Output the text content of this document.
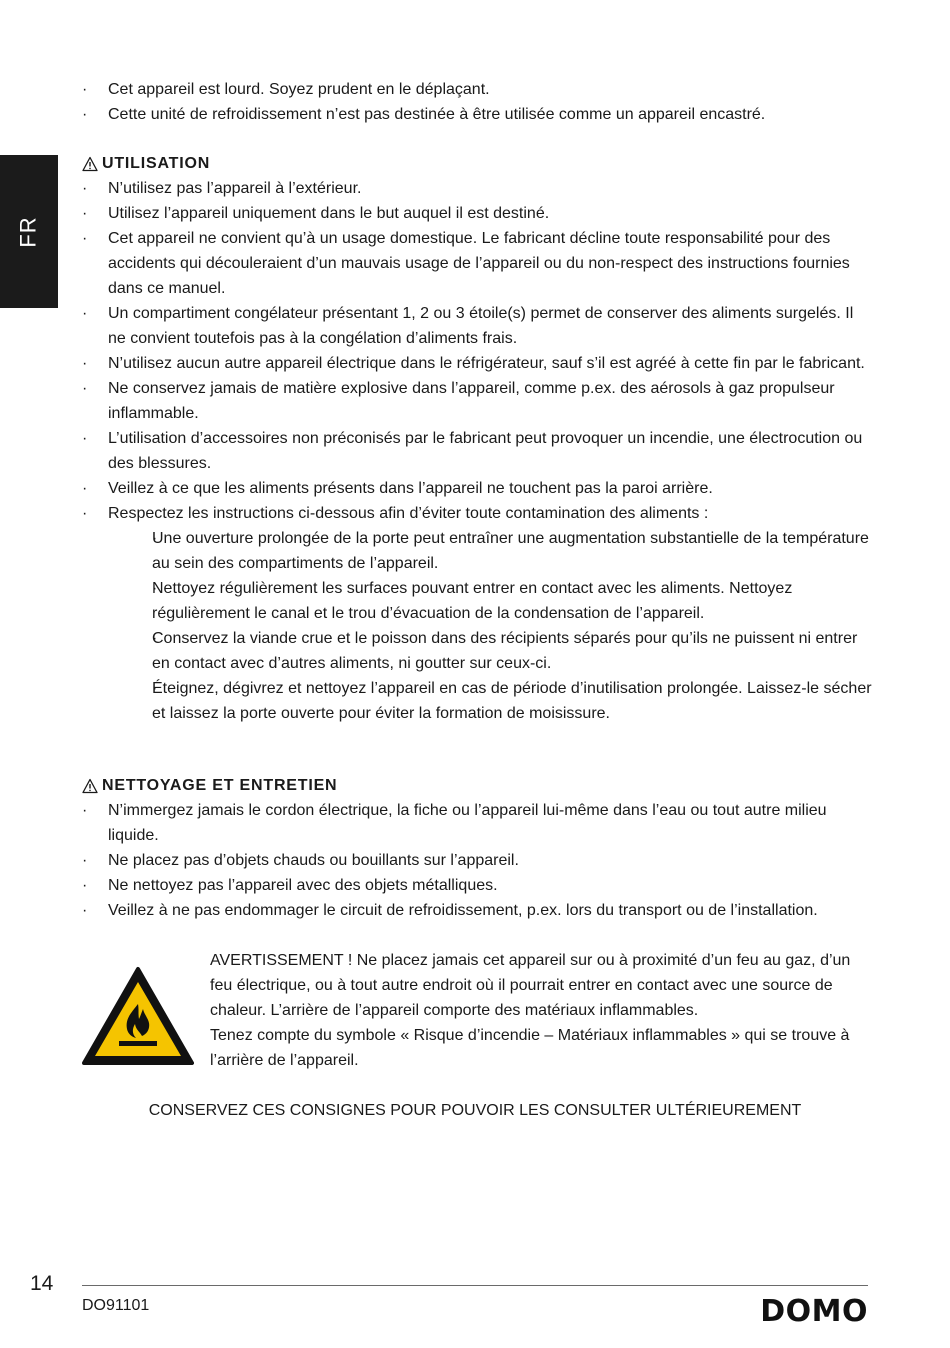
FR
· Cet appareil est lourd. Soyez prudent en le déplaçant.
· Cette unité de refroidissement n’est pas destinée à être utilisée comme un appareil encastré.
UTILISATION
· N’utilisez pas l’appareil à l’extérieur.
· Utilisez l’appareil uniquement dans le but auquel il est destiné.
· Cet appareil ne convient qu’à un usage domestique. Le fabricant décline toute responsabilité pour des accidents qui découleraient d’un mauvais usage de l’appareil ou du non-respect des instructions fournies dans ce manuel.
· Un compartiment congélateur présentant 1, 2 ou 3 étoile(s) permet de conserver des aliments surgelés. Il ne convient toutefois pas à la congélation d’aliments frais.
· N’utilisez aucun autre appareil électrique dans le réfrigérateur, sauf s’il est agréé à cette fin par le fabricant.
· Ne conservez jamais de matière explosive dans l’appareil, comme p.ex. des aérosols à gaz propulseur inflammable.
· L’utilisation d’accessoires non préconisés par le fabricant peut provoquer un incendie, une électrocution ou des blessures.
· Veillez à ce que les aliments présents dans l’appareil ne touchent pas la paroi arrière.
· Respectez les instructions ci-dessous afin d’éviter toute contamination des aliments :
· Une ouverture prolongée de la porte peut entraîner une augmentation substantielle de la température au sein des compartiments de l’appareil.
· Nettoyez régulièrement les surfaces pouvant entrer en contact avec les aliments. Nettoyez régulièrement le canal et le trou d’évacuation de la condensation de l’appareil.
· Conservez la viande crue et le poisson dans des récipients séparés pour qu’ils ne puissent ni entrer en contact avec d’autres aliments, ni goutter sur ceux-ci.
· Éteignez, dégivrez et nettoyez l’appareil en cas de période d’inutilisation prolongée. Laissez-le sécher et laissez la porte ouverte pour éviter la formation de moisissure.
NETTOYAGE ET ENTRETIEN
· N’immergez jamais le cordon électrique, la fiche ou l’appareil lui-même dans l’eau ou tout autre milieu liquide.
· Ne placez pas d’objets chauds ou bouillants sur l’appareil.
· Ne nettoyez pas l’appareil avec des objets métalliques.
· Veillez à ne pas endommager le circuit de refroidissement, p.ex. lors du transport ou de l’installation.
AVERTISSEMENT ! Ne placez jamais cet appareil sur ou à proximité d’un feu au gaz, d’un feu électrique, ou à tout autre endroit où il pourrait entrer en contact avec une source de chaleur. L’arrière de l’appareil comporte des matériaux inflammables.
Tenez compte du symbole « Risque d’incendie – Matériaux inflammables » qui se trouve à l’arrière de l’appareil.
CONSERVEZ CES CONSIGNES POUR POUVOIR LES CONSULTER ULTÉRIEUREMENT
14
DO91101	DOMO
